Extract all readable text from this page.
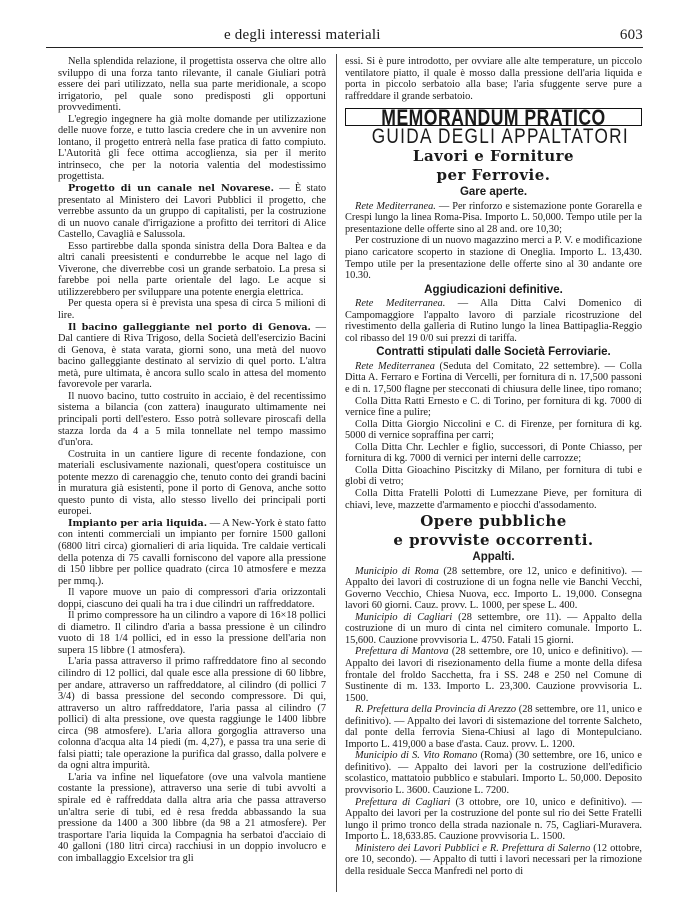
e degli interessi materiali	603

Nella splendida relazione, il progettista osserva che oltre allo sviluppo di una forza tanto rilevante, il canale Giuliari potrà essere dei pari utilizzato, nella sua parte meridionale, a scopo irrigatorio, pel quale sono predisposti gli opportuni provvedimenti.

L'egregio ingegnere ha già molte domande per utilizzazione delle nuove forze, e tutto lascia credere che in un avvenire non lontano, il progetto entrerà nella fase pratica di fatto compiuto. L'Autorità gli fece ottima accoglienza, sia per il merito intrinseco, che per la notoria valentia del modestissimo progettista.

Progetto di un canale nel Novarese. — È stato presentato al Ministero dei Lavori Pubblici il progetto, che verrebbe assunto da un gruppo di capitalisti, per la costruzione di un nuovo canale d'irrigazione a profitto dei territori di Alice Castello, Cavaglià e Salussola.

Esso partirebbe dalla sponda sinistra della Dora Baltea e da altri canali preesistenti e condurrebbe le acque nel lago di Viverone, che diverrebbe così un grande serbatoio. La presa si farebbe poi nella parte orientale del lago. Le acque si utilizzerebbero per sviluppare una potente energia elettrica.

Per questa opera si è prevista una spesa di circa 5 milioni di lire.

Il bacino galleggiante nel porto di Genova. — Dal cantiere di Riva Trigoso, della Società dell'esercizio Bacini di Genova, è stata varata, giorni sono, una metà del nuovo bacino galleggiante destinato al servizio di quel porto. L'altra metà, pure ultimata, è ancora sullo scalo in attesa del momento favorevole per vararla.

Il nuovo bacino, tutto costruito in acciaio, è del recentissimo sistema a bilancia (con zattera) inaugurato ultimamente nei principali porti dell'estero. Esso potrà sollevare piroscafi della stazza lorda da 4 a 5 mila tonnellate nel tempo massimo d'un'ora.

Costruita in un cantiere ligure di recente fondazione, con materiali esclusivamente nazionali, quest'opera costituisce un potente mezzo di carenaggio che, tenuto conto dei grandi bacini in muratura già esistenti, pone il porto di Genova, anche sotto questo punto di vista, allo stesso livello dei principali porti europei.

Impianto per aria liquida. — A New-York è stato fatto con intenti commerciali un impianto per fornire 1500 galloni (6800 litri circa) giornalieri di aria liquida. Tre caldaie verticali della potenza di 75 cavalli forniscono del vapore alla pressione di 150 libbre per pollice quadrato (circa 10 atmosfere e mezza per mmq.).

Il vapore muove un paio di compressori d'aria orizzontali doppi, ciascuno dei quali ha tra i due cilindri un raffreddatore.

Il primo compressore ha un cilindro a vapore di 16×18 pollici di diametro. Il cilindro d'aria a bassa pressione è un cilindro vuoto di 18 1/4 pollici, ed in esso la pressione dell'aria non supera 15 libbre (1 atmosfera).

L'aria passa attraverso il primo raffreddatore fino al secondo cilindro di 12 pollici, dal quale esce alla pressione di 60 libbre, per andare, attraverso un raffreddatore, al cilindro (di pollici 7 3/4) di bassa pressione del secondo compressore. Di qui, attraverso un altro raffreddatore, l'aria passa al cilindro (7 pollici) di alta pressione, ove questa raggiunge le 1400 libbre circa (98 atmosfere). L'aria allora gorgoglia attraverso una colonna d'acqua alta 14 piedi (m. 4,27), e passa tra una serie di falsi piatti; tale operazione la purifica dal grasso, dalla polvere e da ogni altra impurità.

L'aria va infine nel liquefatore (ove una valvola mantiene costante la pressione), attraverso una serie di tubi avvolti a spirale ed è raffreddata dalla altra aria che passa attraverso un'altra serie di tubi, ed è resa fredda abbassando la sua pressione da 1400 a 300 libbre (da 98 a 21 atmosfere). Per trasportare l'aria liquida la Compagnia ha serbatoi d'acciaio di 40 galloni (180 litri circa) racchiusi in un doppio involucro e con imballaggio Excelsior tra gli

essi. Si è pure introdotto, per ovviare alle alte temperature, un piccolo ventilatore piatto, il quale è mosso dalla pressione dell'aria liquida e porta in piccolo serbatoio alla base; l'aria sfuggente serve pure a raffreddare il grande serbatoio.

MEMORANDUM PRATICO
GUIDA DEGLI APPALTATORI
Lavori e Forniture
per Ferrovie.
Gare aperte.

Rete Mediterranea. — Per rinforzo e sistemazione ponte Gorarella e Crespi lungo la linea Roma-Pisa. Importo L. 50,000. Tempo utile per la presentazione delle offerte sino al 28 and. ore 10,30;

Per costruzione di un nuovo magazzino merci a P. V. e modificazione piano caricatore scoperto in stazione di Oneglia. Importo L. 13,430. Tempo utile per la presentazione delle offerte sino al 30 andante ore 10.30.

Aggiudicazioni definitive.

Rete Mediterranea. — Alla Ditta Calvi Domenico di Campomaggiore l'appalto lavoro di parziale ricostruzione del rivestimento della galleria di Rutino lungo la linea Battipaglia-Reggio col ribasso del 19 0/0 sui prezzi di tariffa.

Contratti stipulati dalle Società Ferroviarie.

Rete Mediterranea (Seduta del Comitato, 22 settembre). — Colla Ditta A. Ferraro e Fortina di Vercelli, per fornitura di n. 17,500 passoni e di n. 17,500 flagne per stecconati di chiusura delle linee, tipo romano;

Colla Ditta Ratti Ernesto e C. di Torino, per fornitura di kg. 7000 di vernice fine a pulire;

Colla Ditta Giorgio Niccolini e C. di Firenze, per fornitura di kg. 5000 di vernice sopraffina per carri;

Colla Ditta Chr. Lechler e figlio, successori, di Ponte Chiasso, per fornitura di kg. 7000 di vernici per interni delle carrozze;

Colla Ditta Gioachino Piscitzky di Milano, per fornitura di tubi e globi di vetro;

Colla Ditta Fratelli Polotti di Lumezzane Pieve, per fornitura di chiavi, leve, mazzette d'armamento e piocchi d'assodamento.

Opere pubbliche
e provviste occorrenti.
Appalti.

Municipio di Roma (28 settembre, ore 12, unico e definitivo). — Appalto dei lavori di costruzione di un fogna nelle vie Banchi Vecchi, Governo Vecchio, Chiesa Nuova, ecc. Importo L. 19,000. Consegna lavori 60 giorni. Cauz. provv. L. 1000, per spese L. 400.

Municipio di Cagliari (28 settembre, ore 11). — Appalto della costruzione di un muro di cinta nel cimitero comunale. Importo L. 15,600. Cauzione provvisoria L. 4750. Fatali 15 giorni.

Prefettura di Mantova (28 settembre, ore 10, unico e definitivo). — Appalto dei lavori di risezionamento della fiume a monte della difesa frontale del froldo Sacchetta, fra i SS. 248 e 250 nel Comune di Sustinente di m. 133. Importo L. 23,300. Cauzione provvisoria L. 1500.

R. Prefettura della Provincia di Arezzo (28 settembre, ore 11, unico e definitivo). — Appalto dei lavori di sistemazione del torrente Salcheto, dal ponte della ferrovia Siena-Chiusi al lago di Montepulciano. Importo L. 419,000 a base d'asta. Cauz. provv. L. 1200.

Municipio di S. Vito Romano (Roma) (30 settembre, ore 16, unico e definitivo). — Appalto dei lavori per la costruzione dell'edificio scolastico, mattatoio pubblico e stabulari. Importo L. 50,000. Deposito provvisorio L. 3600. Cauzione L. 7200.

Prefettura di Cagliari (3 ottobre, ore 10, unico e definitivo). — Appalto dei lavori per la costruzione del ponte sul rio dei Sette Fratelli lungo il primo tronco della strada nazionale n. 75, Cagliari-Muravera. Importo L. 18,633.85. Cauzione provvisoria L. 1500.

Ministero dei Lavori Pubblici e R. Prefettura di Salerno (12 ottobre, ore 10, secondo). — Appalto di tutti i lavori necessari per la rimozione della residuale Secca Manfredi nel porto di
